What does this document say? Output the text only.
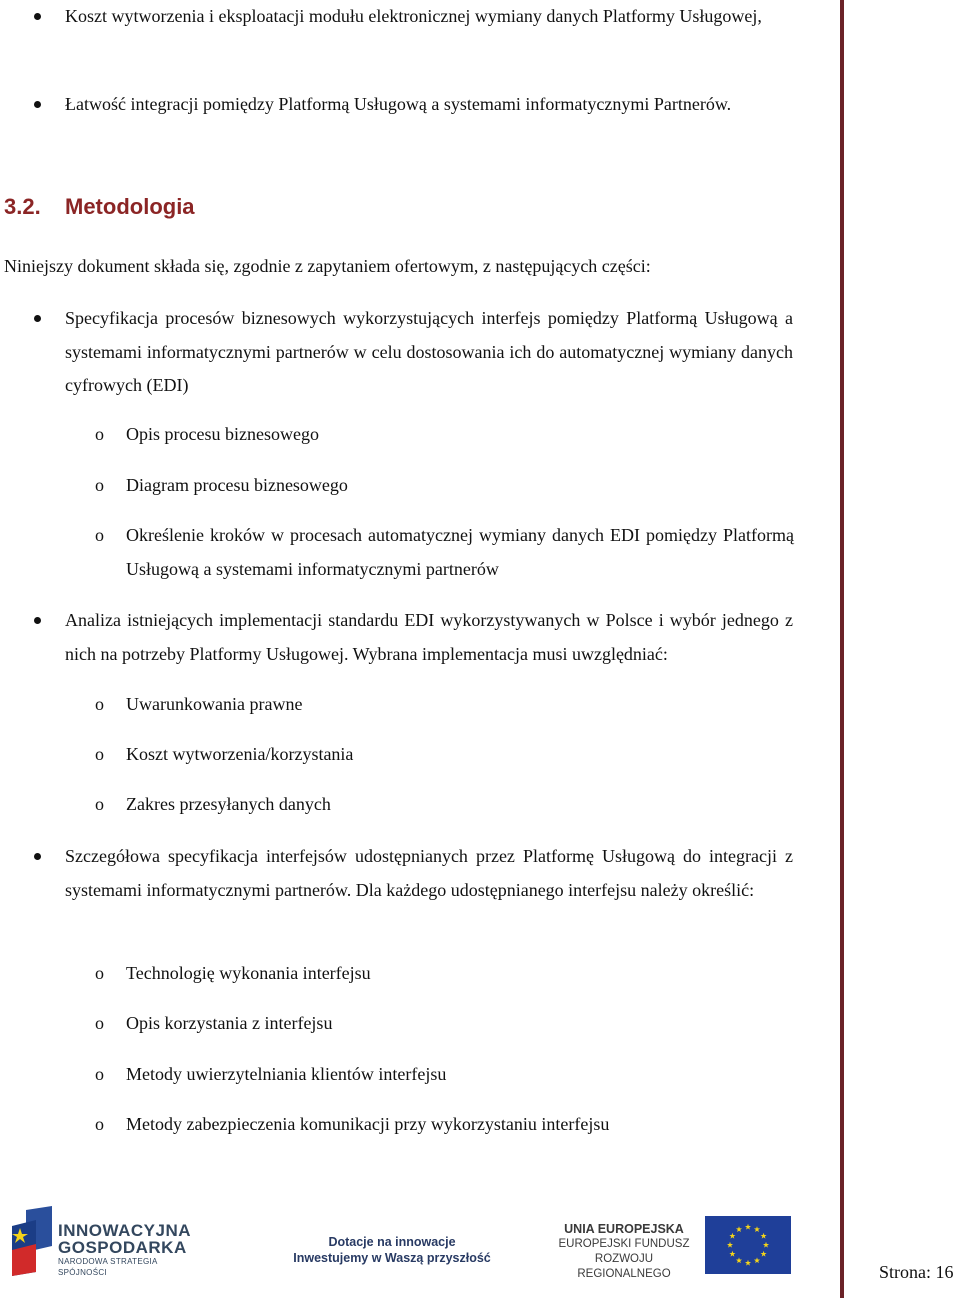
Koszt wytworzenia i eksploatacji modułu elektronicznej wymiany danych Platformy Usługowej,
Łatwość integracji pomiędzy Platformą Usługową a systemami informatycznymi Partnerów.
3.2. Metodologia
Niniejszy dokument składa się, zgodnie z zapytaniem ofertowym, z następujących części:
Specyfikacja procesów biznesowych wykorzystujących interfejs pomiędzy Platformą Usługową a systemami informatycznymi partnerów w celu dostosowania ich do automatycznej wymiany danych cyfrowych (EDI)
o Opis procesu biznesowego
o Diagram procesu biznesowego
o Określenie kroków w procesach automatycznej wymiany danych EDI pomiędzy Platformą Usługową a systemami informatycznymi partnerów
Analiza istniejących implementacji standardu EDI wykorzystywanych w Polsce i wybór jednego z nich na potrzeby Platformy Usługowej. Wybrana implementacja musi uwzględniać:
o Uwarunkowania prawne
o Koszt wytworzenia/korzystania
o Zakres przesyłanych danych
Szczegółowa specyfikacja interfejsów udostępnianych przez Platformę Usługową do integracji z systemami informatycznymi partnerów. Dla każdego udostępnianego interfejsu należy określić:
o Technologię wykonania interfejsu
o Opis korzystania z interfejsu
o Metody uwierzytelniania klientów interfejsu
o Metody zabezpieczenia komunikacji przy wykorzystaniu interfejsu
INNOWACYJNA
GOSPODARKA
NARODOWA STRATEGIA SPÓJNOŚCI
Dotacje na innowacje
Inwestujemy w Waszą przyszłość
UNIA EUROPEJSKA
EUROPEJSKI FUNDUSZ
ROZWOJU REGIONALNEGO	Strona: 16
